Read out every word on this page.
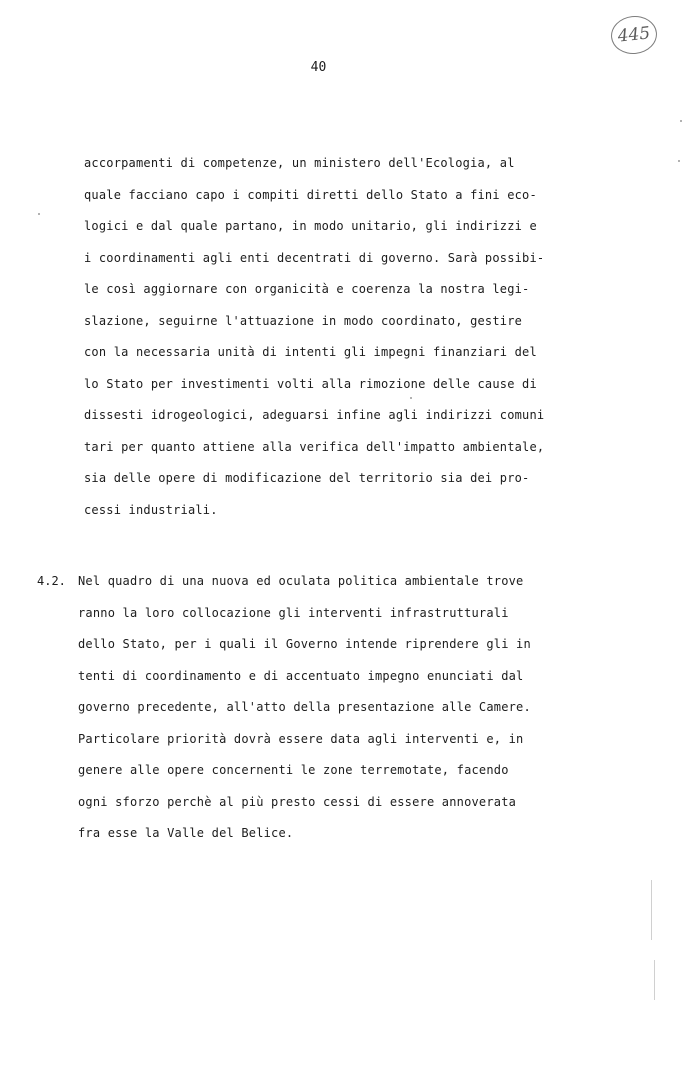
445
40
accorpamenti di competenze, un ministero dell'Ecologia, al
quale facciano capo i compiti diretti dello Stato a fini eco-
logici e dal quale partano, in modo unitario, gli indirizzi e
i coordinamenti agli enti decentrati di governo. Sarà possibi-
le così aggiornare con organicità e coerenza la nostra legi-
slazione, seguirne l'attuazione in modo coordinato, gestire
con la necessaria unità di intenti gli impegni finanziari del
lo Stato per investimenti volti alla rimozione delle cause di
dissesti idrogeologici, adeguarsi infine agli indirizzi comuni
tari per quanto attiene alla verifica dell'impatto ambientale,
sia delle opere di modificazione del territorio sia dei pro-
cessi industriali.
4.2. Nel quadro di una nuova ed oculata politica ambientale trove
ranno la loro collocazione gli interventi infrastrutturali
dello Stato, per i quali il Governo intende riprendere gli in
tenti di coordinamento e di accentuato impegno enunciati dal
governo precedente, all'atto della presentazione alle Camere.
Particolare priorità dovrà essere data agli interventi e, in
genere alle opere concernenti le zone terremotate, facendo
ogni sforzo perchè al più presto cessi di essere annoverata
fra esse la Valle del Belice.
